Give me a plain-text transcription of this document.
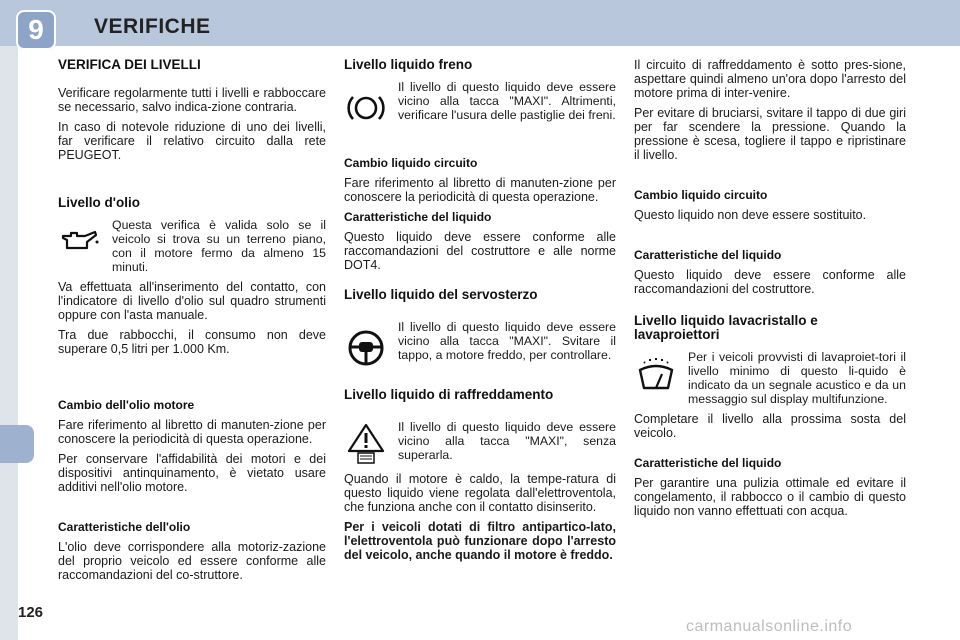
9	VERIFICHE
VERIFICA DEI LIVELLI

Verificare regolarmente tutti i livelli e rabboccare se necessario, salvo indica-zione contraria.

In caso di notevole riduzione di uno dei livelli, far verificare il relativo circuito dalla rete PEUGEOT.

Livello d'olio

Questa verifica è valida solo se il veicolo si trova su un terreno piano, con il motore fermo da almeno 15 minuti.

Va effettuata all'inserimento del contatto, con l'indicatore di livello d'olio sul quadro strumenti oppure con l'asta manuale.

Tra due rabbocchi, il consumo non deve superare 0,5 litri per 1.000 Km.

Cambio dell'olio motore

Fare riferimento al libretto di manuten-zione per conoscere la periodicità di questa operazione.

Per conservare l'affidabilità dei motori e dei dispositivi antinquinamento, è vietato usare additivi nell'olio motore.

Caratteristiche dell'olio

L'olio deve corrispondere alla motoriz-zazione del proprio veicolo ed essere conforme alle raccomandazioni del co-struttore.

Livello liquido freno

Il livello di questo liquido deve essere vicino alla tacca "MAXI". Altrimenti, verificare l'usura delle pastiglie dei freni.

Cambio liquido circuito

Fare riferimento al libretto di manuten-zione per conoscere la periodicità di questa operazione.

Caratteristiche del liquido

Questo liquido deve essere conforme alle raccomandazioni del costruttore e alle norme DOT4.

Livello liquido del servosterzo

Il livello di questo liquido deve essere vicino alla tacca "MAXI". Svitare il tappo, a motore freddo, per controllare.

Livello liquido di raffreddamento

Il livello di questo liquido deve essere vicino alla tacca "MAXI", senza superarla.

Quando il motore è caldo, la tempe-ratura di questo liquido viene regolata dall'elettroventola, che funziona anche con il contatto disinserito.

Per i veicoli dotati di filtro antipartico-lato, l'elettroventola può funzionare dopo l'arresto del veicolo, anche quando il motore è freddo.

Il circuito di raffreddamento è sotto pres-sione, aspettare quindi almeno un'ora dopo l'arresto del motore prima di inter-venire.

Per evitare di bruciarsi, svitare il tappo di due giri per far scendere la pressione. Quando la pressione è scesa, togliere il tappo e ripristinare il livello.

Cambio liquido circuito

Questo liquido non deve essere sostituito.

Caratteristiche del liquido

Questo liquido deve essere conforme alle raccomandazioni del costruttore.

Livello liquido lavacristallo e lavaproiettori

Per i veicoli provvisti di lavaproiet-tori il livello minimo di questo li-quido è indicato da un segnale acustico e da un messaggio sul display multifunzione.

Completare il livello alla prossima sosta del veicolo.

Caratteristiche del liquido

Per garantire una pulizia ottimale ed evitare il congelamento, il rabbocco o il cambio di questo liquido non vanno effettuati con acqua.

126
carmanualsonline.info
